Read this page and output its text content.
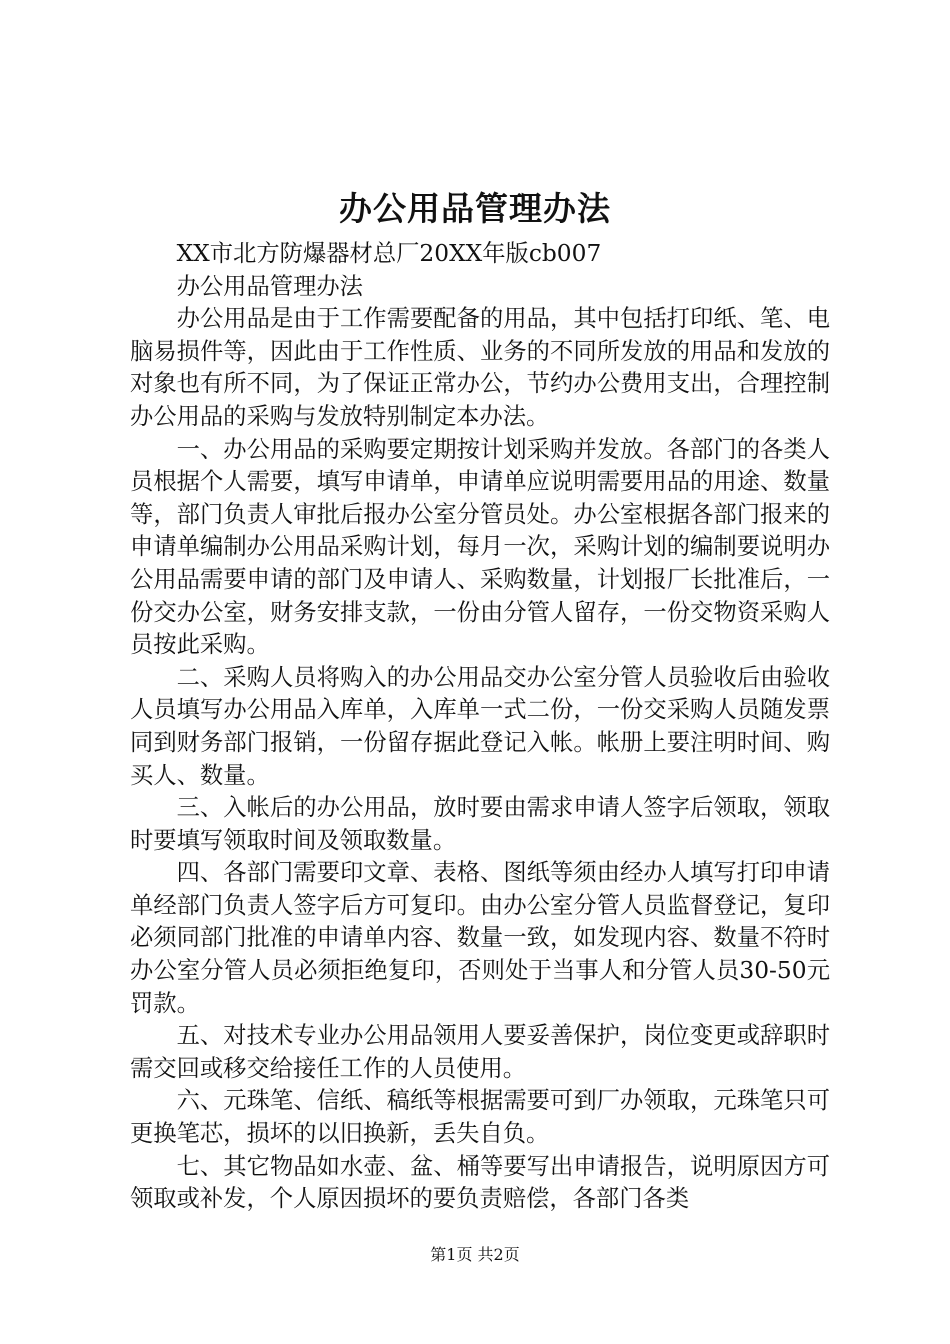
办公用品管理办法

XX市北方防爆器材总厂20XX年版cb007

办公用品管理办法

办公用品是由于工作需要配备的用品，其中包括打印纸、笔、电脑易损件等，因此由于工作性质、业务的不同所发放的用品和发放的对象也有所不同，为了保证正常办公，节约办公费用支出，合理控制办公用品的采购与发放特别制定本办法。

一、办公用品的采购要定期按计划采购并发放。各部门的各类人员根据个人需要，填写申请单，申请单应说明需要用品的用途、数量等，部门负责人审批后报办公室分管员处。办公室根据各部门报来的申请单编制办公用品采购计划，每月一次，采购计划的编制要说明办公用品需要申请的部门及申请人、采购数量，计划报厂长批准后，一份交办公室，财务安排支款，一份由分管人留存，一份交物资采购人员按此采购。

二、采购人员将购入的办公用品交办公室分管人员验收后由验收人员填写办公用品入库单，入库单一式二份，一份交采购人员随发票同到财务部门报销，一份留存据此登记入帐。帐册上要注明时间、购买人、数量。

三、入帐后的办公用品，放时要由需求申请人签字后领取，领取时要填写领取时间及领取数量。

四、各部门需要印文章、表格、图纸等须由经办人填写打印申请单经部门负责人签字后方可复印。由办公室分管人员监督登记，复印必须同部门批准的申请单内容、数量一致，如发现内容、数量不符时办公室分管人员必须拒绝复印，否则处于当事人和分管人员30-50元罚款。

五、对技术专业办公用品领用人要妥善保护，岗位变更或辞职时需交回或移交给接任工作的人员使用。

六、元珠笔、信纸、稿纸等根据需要可到厂办领取，元珠笔只可更换笔芯，损坏的以旧换新，丢失自负。

七、其它物品如水壶、盆、桶等要写出申请报告，说明原因方可领取或补发，个人原因损坏的要负责赔偿，各部门各类

第1页 共2页
